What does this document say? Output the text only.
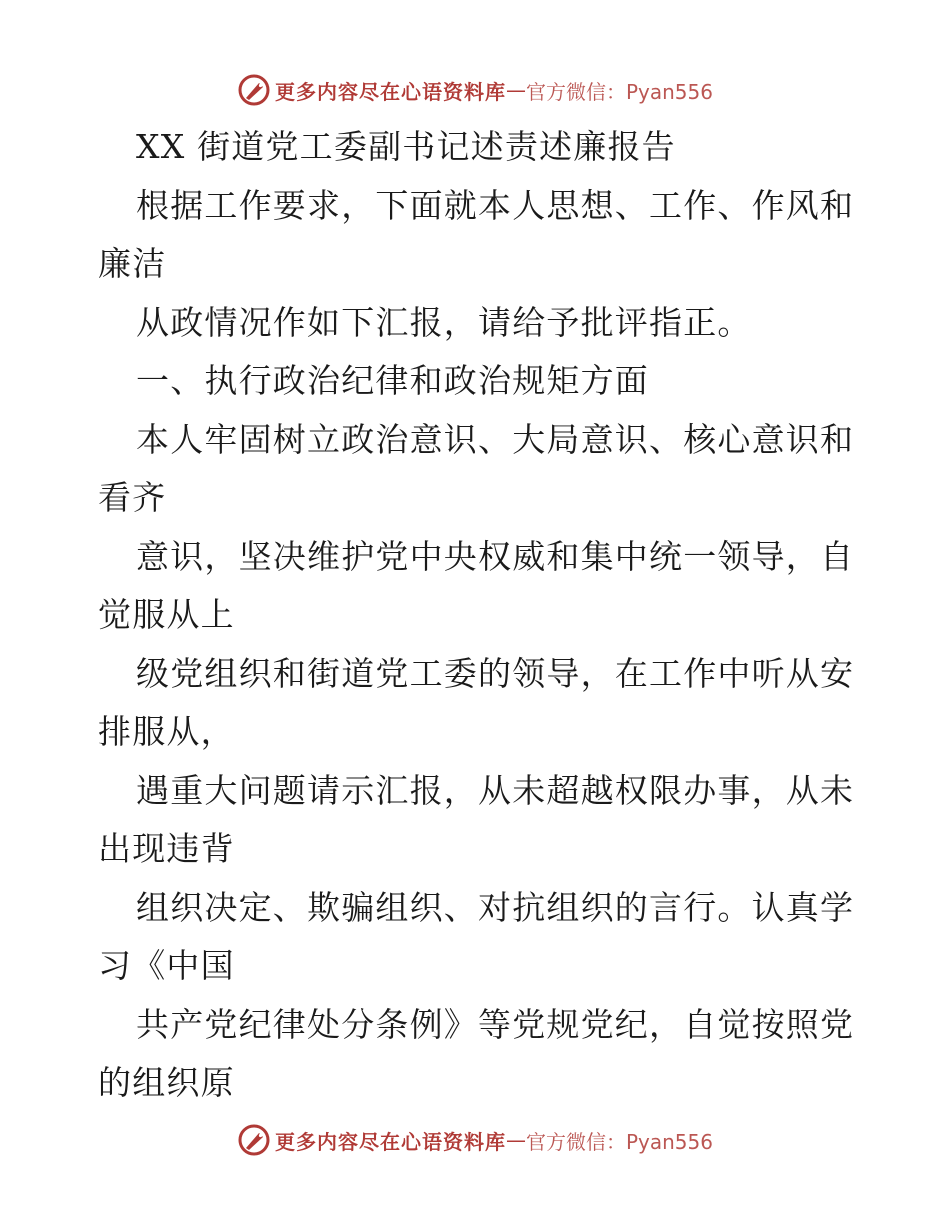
更多内容尽在心语资料库 — 官方微信：Pyan556
XX 街道党工委副书记述责述廉报告
根据工作要求，下面就本人思想、工作、作风和
廉洁
从政情况作如下汇报，请给予批评指正。
一、执行政治纪律和政治规矩方面
本人牢固树立政治意识、大局意识、核心意识和
看齐
意识，坚决维护党中央权威和集中统一领导，自
觉服从上
级党组织和街道党工委的领导，在工作中听从安
排服从，
遇重大问题请示汇报，从未超越权限办事，从未
出现违背
组织决定、欺骗组织、对抗组织的言行。认真学
习《中国
共产党纪律处分条例》等党规党纪，自觉按照党
的组织原
更多内容尽在心语资料库 — 官方微信：Pyan556
